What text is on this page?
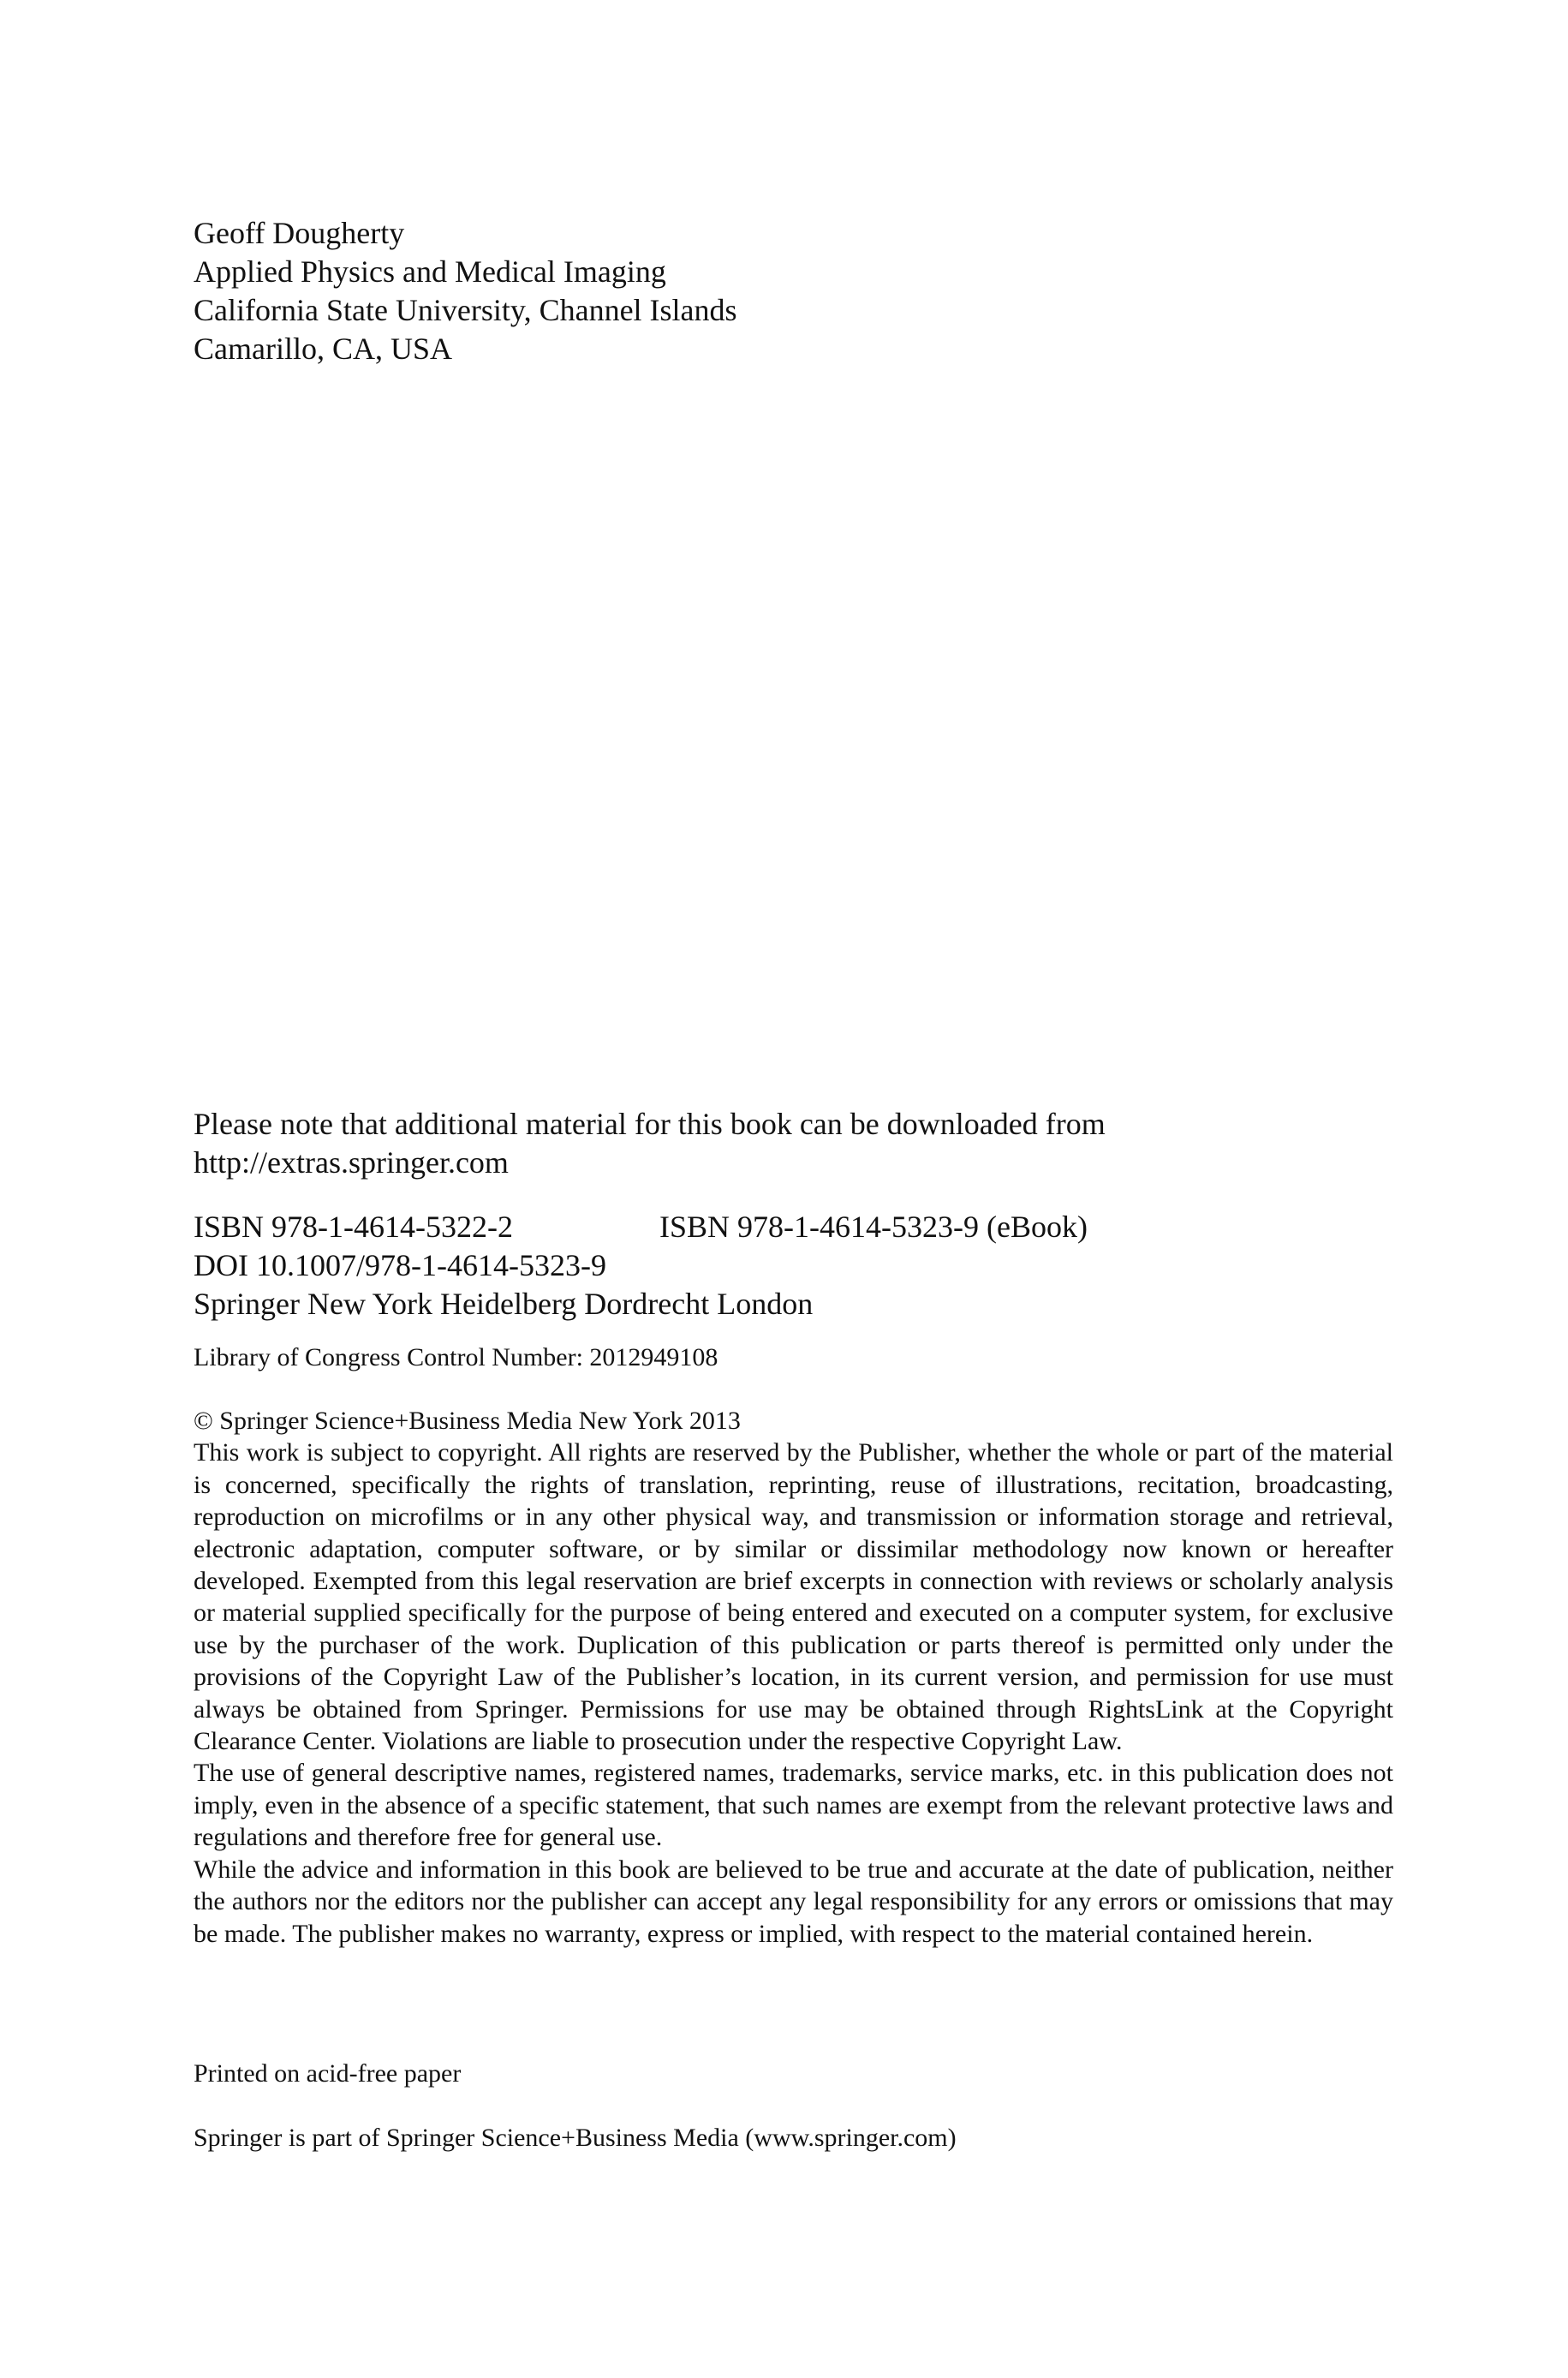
Geoff Dougherty
Applied Physics and Medical Imaging
California State University, Channel Islands
Camarillo, CA, USA
Please note that additional material for this book can be downloaded from
http://extras.springer.com
ISBN 978-1-4614-5322-2	ISBN 978-1-4614-5323-9 (eBook)
DOI 10.1007/978-1-4614-5323-9
Springer New York Heidelberg Dordrecht London
Library of Congress Control Number: 2012949108
© Springer Science+Business Media New York 2013
This work is subject to copyright. All rights are reserved by the Publisher, whether the whole or part of the material is concerned, specifically the rights of translation, reprinting, reuse of illustrations, recitation, broadcasting, reproduction on microfilms or in any other physical way, and transmission or information storage and retrieval, electronic adaptation, computer software, or by similar or dissimilar methodology now known or hereafter developed. Exempted from this legal reservation are brief excerpts in connection with reviews or scholarly analysis or material supplied specifically for the purpose of being entered and executed on a computer system, for exclusive use by the purchaser of the work. Duplication of this publication or parts thereof is permitted only under the provisions of the Copyright Law of the Publisher’s location, in its current version, and permission for use must always be obtained from Springer. Permissions for use may be obtained through RightsLink at the Copyright Clearance Center. Violations are liable to prosecution under the respective Copyright Law.
The use of general descriptive names, registered names, trademarks, service marks, etc. in this publication does not imply, even in the absence of a specific statement, that such names are exempt from the relevant protective laws and regulations and therefore free for general use.
While the advice and information in this book are believed to be true and accurate at the date of publication, neither the authors nor the editors nor the publisher can accept any legal responsibility for any errors or omissions that may be made. The publisher makes no warranty, express or implied, with respect to the material contained herein.
Printed on acid-free paper
Springer is part of Springer Science+Business Media (www.springer.com)
